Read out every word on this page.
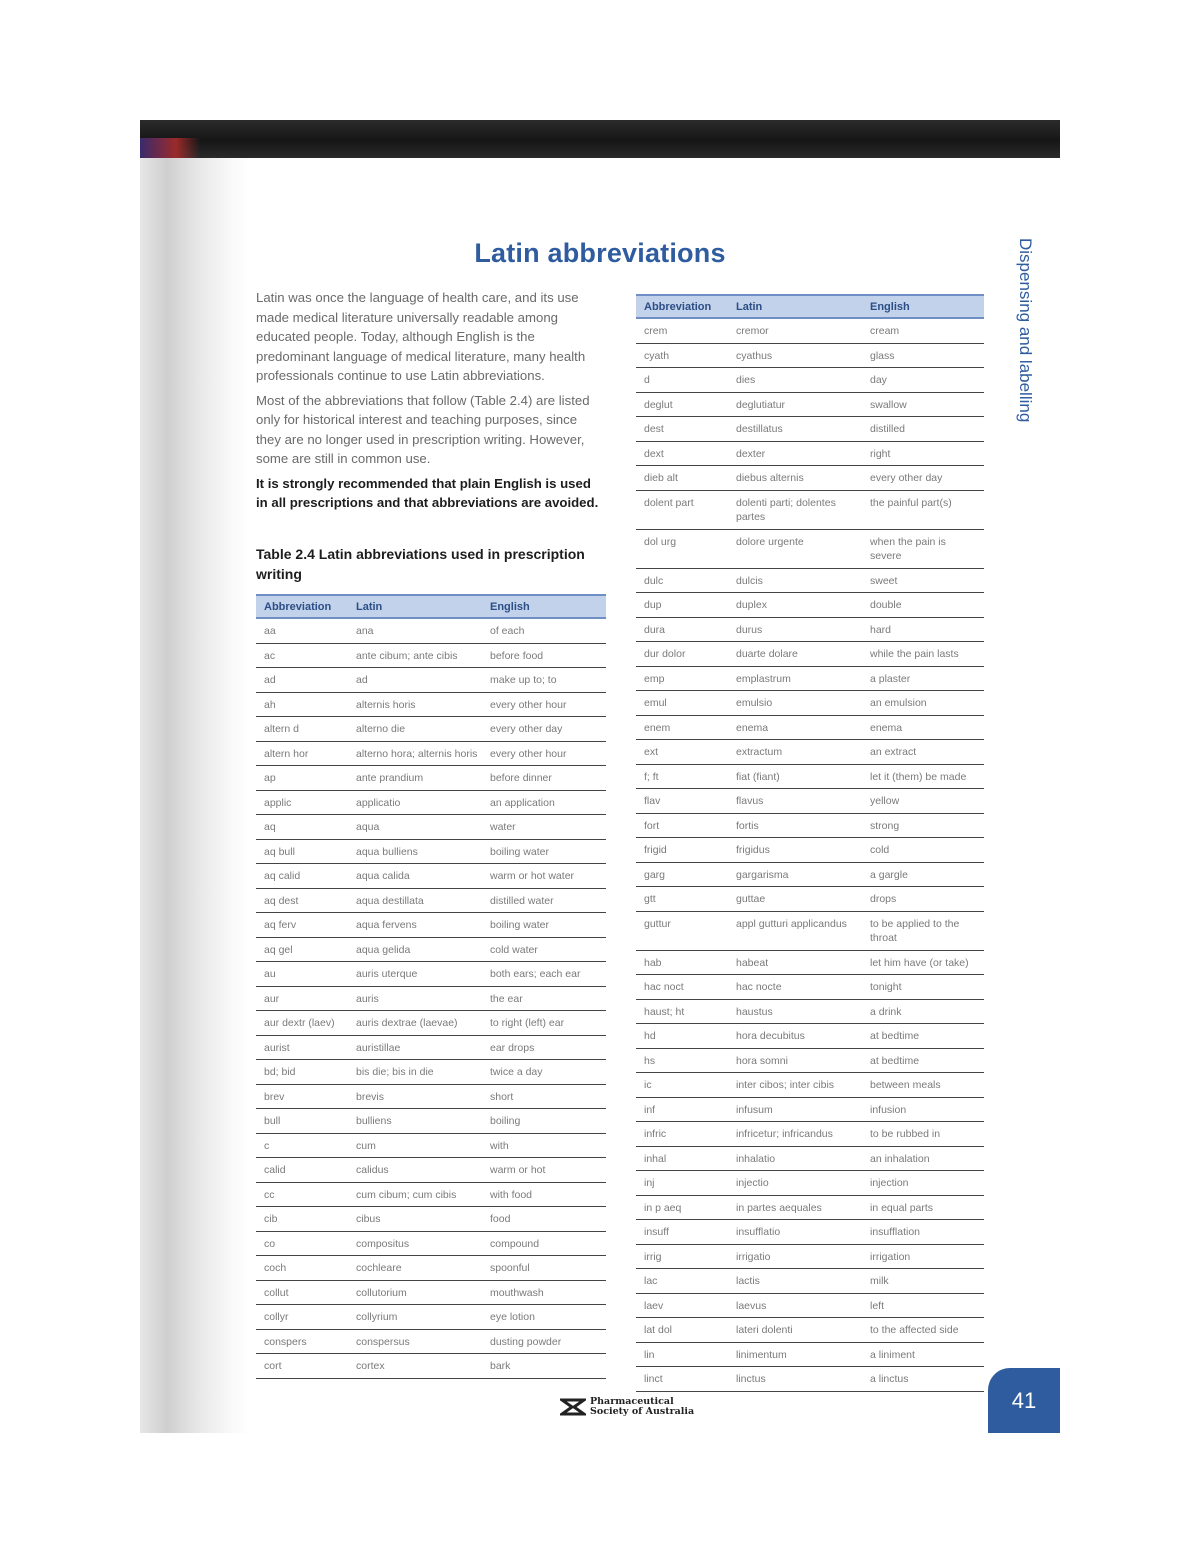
Latin abbreviations	Dispensing and labelling

Latin was once the language of health care, and its use made medical literature universally readable among educated people. Today, although English is the predominant language of medical literature, many health professionals continue to use Latin abbreviations.

Most of the abbreviations that follow (Table 2.4) are listed only for historical interest and teaching purposes, since they are no longer used in prescription writing. However, some are still in common use.

It is strongly recommended that plain English is used in all prescriptions and that abbreviations are avoided.

Table 2.4 Latin abbreviations used in prescription writing
Abbreviation	Latin	English
aa	ana	of each
ac	ante cibum; ante cibis	before food
ad	ad	make up to; to
ah	alternis horis	every other hour
altern d	alterno die	every other day
altern hor	alterno hora; alternis horis	every other hour
ap	ante prandium	before dinner
applic	applicatio	an application
aq	aqua	water
aq bull	aqua bulliens	boiling water
aq calid	aqua calida	warm or hot water
aq dest	aqua destillata	distilled water
aq ferv	aqua fervens	boiling water
aq gel	aqua gelida	cold water
au	auris uterque	both ears; each ear
aur	auris	the ear
aur dextr (laev)	auris dextrae (laevae)	to right (left) ear
aurist	auristillae	ear drops
bd; bid	bis die; bis in die	twice a day
brev	brevis	short
bull	bulliens	boiling
c	cum	with
calid	calidus	warm or hot
cc	cum cibum; cum cibis	with food
cib	cibus	food
co	compositus	compound
coch	cochleare	spoonful
collut	collutorium	mouthwash
collyr	collyrium	eye lotion
conspers	conspersus	dusting powder
cort	cortex	bark
Abbreviation	Latin	English
crem	cremor	cream
cyath	cyathus	glass
d	dies	day
deglut	deglutiatur	swallow
dest	destillatus	distilled
dext	dexter	right
dieb alt	diebus alternis	every other day
dolent part	dolenti parti; dolentes partes	the painful part(s)
dol urg	dolore urgente	when the pain is severe
dulc	dulcis	sweet
dup	duplex	double
dura	durus	hard
dur dolor	duarte dolare	while the pain lasts
emp	emplastrum	a plaster
emul	emulsio	an emulsion
enem	enema	enema
ext	extractum	an extract
f; ft	fiat (fiant)	let it (them) be made
flav	flavus	yellow
fort	fortis	strong
frigid	frigidus	cold
garg	gargarisma	a gargle
gtt	guttae	drops
guttur	appl gutturi applicandus	to be applied to the throat
hab	habeat	let him have (or take)
hac noct	hac nocte	tonight
haust; ht	haustus	a drink
hd	hora decubitus	at bedtime
hs	hora somni	at bedtime
ic	inter cibos; inter cibis	between meals
inf	infusum	infusion
infric	infricetur; infricandus	to be rubbed in
inhal	inhalatio	an inhalation
inj	injectio	injection
in p aeq	in partes aequales	in equal parts
insuff	insufflatio	insufflation
irrig	irrigatio	irrigation
lac	lactis	milk
laev	laevus	left
lat dol	lateri dolenti	to the affected side
lin	linimentum	a liniment
linct	linctus	a linctus
Pharmaceutical
Society of Australia	41
